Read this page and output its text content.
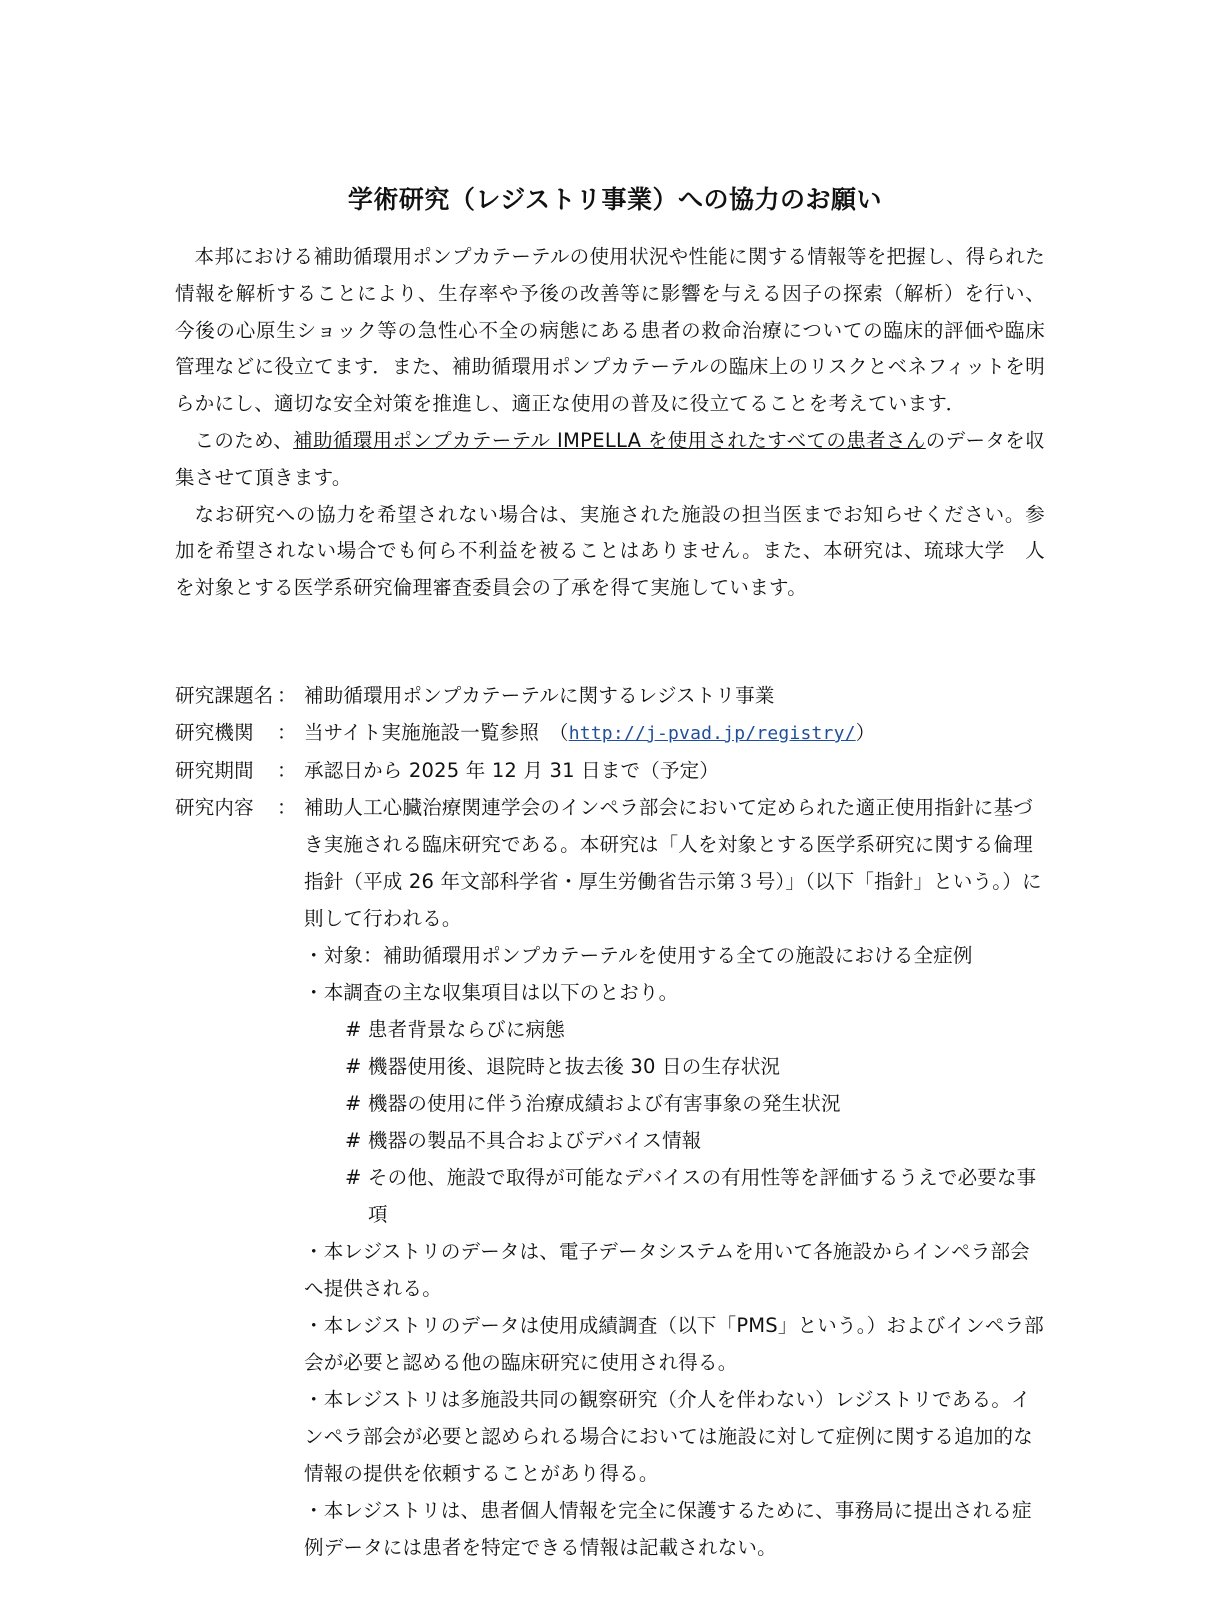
学術研究（レジストリ事業）への協力のお願い

本邦における補助循環用ポンプカテーテルの使用状況や性能に関する情報等を把握し、得られた情報を解析することにより、生存率や予後の改善等に影響を与える因子の探索（解析）を行い、今後の心原生ショック等の急性心不全の病態にある患者の救命治療についての臨床的評価や臨床管理などに役立てます．また、補助循環用ポンプカテーテルの臨床上のリスクとベネフィットを明らかにし、適切な安全対策を推進し、適正な使用の普及に役立てることを考えています．

このため、補助循環用ポンプカテーテル IMPELLA を使用されたすべての患者さんのデータを収集させて頂きます。

なお研究への協力を希望されない場合は、実施された施設の担当医までお知らせください。参加を希望されない場合でも何ら不利益を被ることはありません。また、本研究は、琉球大学　人を対象とする医学系研究倫理審査委員会の了承を得て実施しています。

研究課題名 ： 補助循環用ポンプカテーテルに関するレジストリ事業
研究機関 ： 当サイト実施施設一覧参照　（http://j-pvad.jp/registry/）
研究期間 ： 承認日から 2025 年 12 月 31 日まで（予定）
研究内容 ： 補助人工心臓治療関連学会のインペラ部会において定められた適正使用指針に基づき実施される臨床研究である。本研究は「人を対象とする医学系研究に関する倫理指針（平成 26 年文部科学省・厚生労働省告示第３号）」（以下「指針」という。）に則して行われる。
・対象：補助循環用ポンプカテーテルを使用する全ての施設における全症例
・本調査の主な収集項目は以下のとおり。
# 患者背景ならびに病態
# 機器使用後、退院時と抜去後 30 日の生存状況
# 機器の使用に伴う治療成績および有害事象の発生状況
# 機器の製品不具合およびデバイス情報
# その他、施設で取得が可能なデバイスの有用性等を評価するうえで必要な事項
・本レジストリのデータは、電子データシステムを用いて各施設からインペラ部会へ提供される。
・本レジストリのデータは使用成績調査（以下「PMS」という。）およびインペラ部会が必要と認める他の臨床研究に使用され得る。
・本レジストリは多施設共同の観察研究（介人を伴わない）レジストリである。インペラ部会が必要と認められる場合においては施設に対して症例に関する追加的な情報の提供を依頼することがあり得る。
・本レジストリは、患者個人情報を完全に保護するために、事務局に提出される症例データには患者を特定できる情報は記載されない。
